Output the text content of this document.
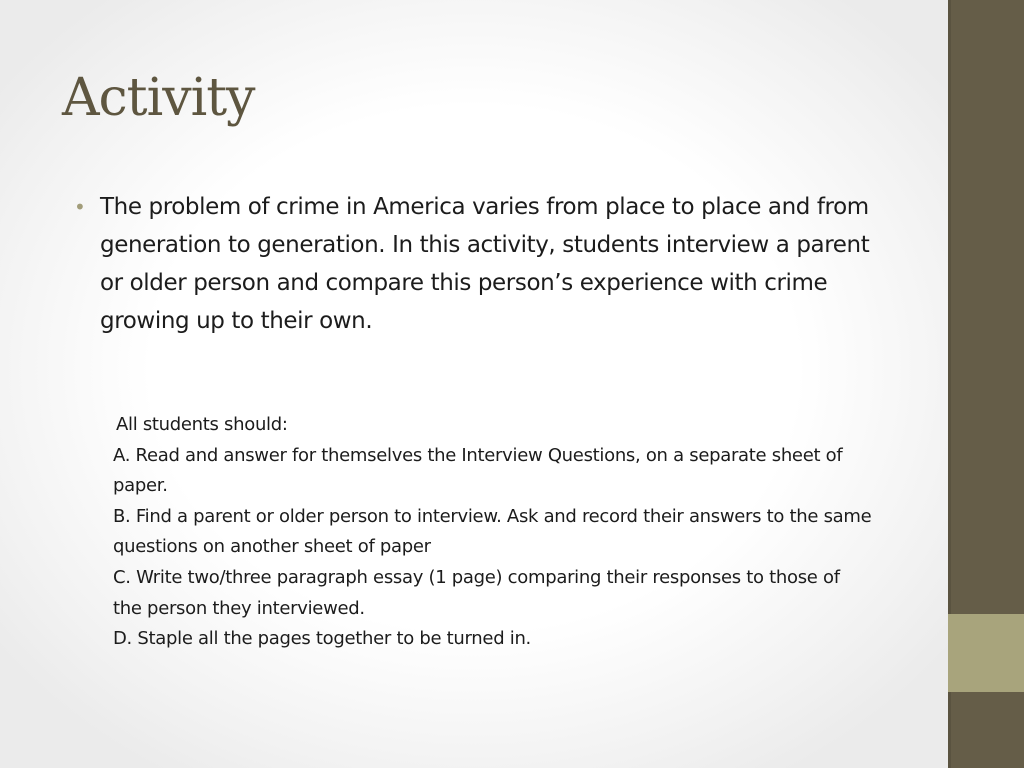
Activity
• The problem of crime in America varies from place to place and from generation to generation. In this activity, students interview a parent or older person and compare this person’s experience with crime growing up to their own.
All students should:
A. Read and answer for themselves the Interview Questions, on a separate sheet of paper.
B. Find a parent or older person to interview. Ask and record their answers to the same questions on another sheet of paper
C. Write two/three paragraph essay (1 page) comparing their responses to those of the person they interviewed.
D. Staple all the pages together to be turned in.
